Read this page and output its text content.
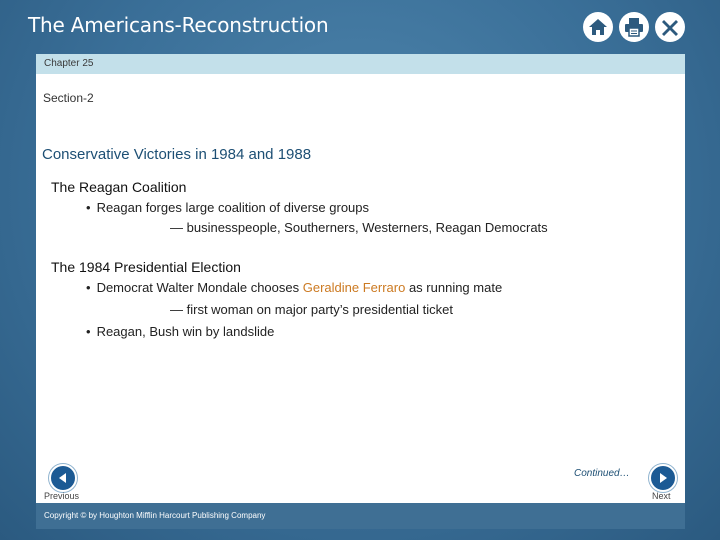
The Americans-Reconstruction
Chapter 25
Section-2
Conservative Victories in 1984 and 1988
The Reagan Coalition
• Reagan forges large coalition of diverse groups
— businesspeople, Southerners, Westerners, Reagan Democrats
The 1984 Presidential Election
• Democrat Walter Mondale chooses Geraldine Ferraro as running mate
— first woman on major party’s presidential ticket
• Reagan, Bush win by landslide
Continued…
Previous	Next
Copyright © by Houghton Mifflin Harcourt Publishing Company
